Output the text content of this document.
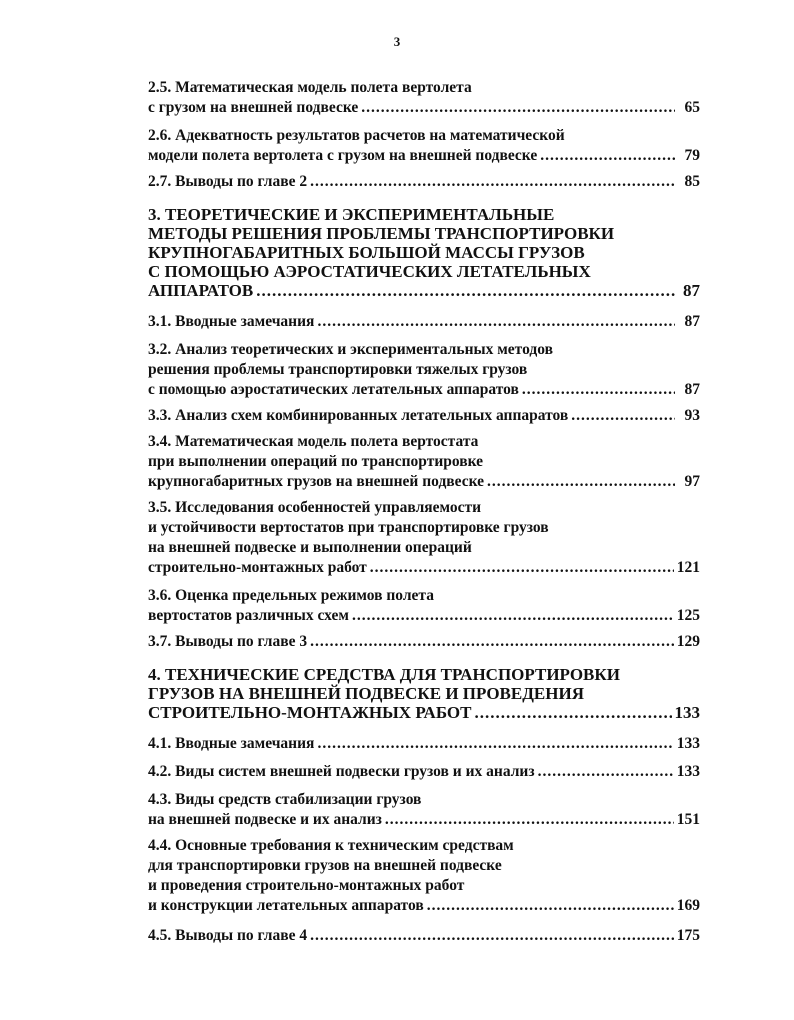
3
2.5. Математическая модель полета вертолета
с грузом на внешней подвеске .....	65
2.6. Адекватность результатов расчетов на математической
модели полета вертолета с грузом на внешней подвеске .....	79
2.7. Выводы по главе 2 .....	85
3. ТЕОРЕТИЧЕСКИЕ И ЭКСПЕРИМЕНТАЛЬНЫЕ
МЕТОДЫ РЕШЕНИЯ ПРОБЛЕМЫ ТРАНСПОРТИРОВКИ
КРУПНОГАБАРИТНЫХ БОЛЬШОЙ МАССЫ ГРУЗОВ
С ПОМОЩЬЮ АЭРОСТАТИЧЕСКИХ ЛЕТАТЕЛЬНЫХ
АППАРАТОВ .....	87
3.1. Вводные замечания .....	87
3.2. Анализ теоретических и экспериментальных методов
решения проблемы транспортировки тяжелых грузов
с помощью аэростатических летательных аппаратов .....	87
3.3. Анализ схем комбинированных летательных аппаратов .....	93
3.4. Математическая модель полета вертостата
при выполнении операций по транспортировке
крупногабаритных грузов на внешней подвеске .....	97
3.5. Исследования особенностей управляемости
и устойчивости вертостатов при транспортировке грузов
на внешней подвеске и выполнении операций
строительно-монтажных работ .....	121
3.6. Оценка предельных режимов полета
вертостатов различных схем .....	125
3.7. Выводы по главе 3 .....	129
4. ТЕХНИЧЕСКИЕ СРЕДСТВА ДЛЯ ТРАНСПОРТИРОВКИ
ГРУЗОВ НА ВНЕШНЕЙ ПОДВЕСКЕ И ПРОВЕДЕНИЯ
СТРОИТЕЛЬНО-МОНТАЖНЫХ РАБОТ .....	133
4.1. Вводные замечания .....	133
4.2. Виды систем внешней подвески грузов и их анализ .....	133
4.3. Виды средств стабилизации грузов
на внешней подвеске и их анализ .....	151
4.4. Основные требования к техническим средствам
для транспортировки грузов на внешней подвеске
и проведения строительно-монтажных работ
и конструкции летательных аппаратов .....	169
4.5. Выводы по главе 4 .....	175
